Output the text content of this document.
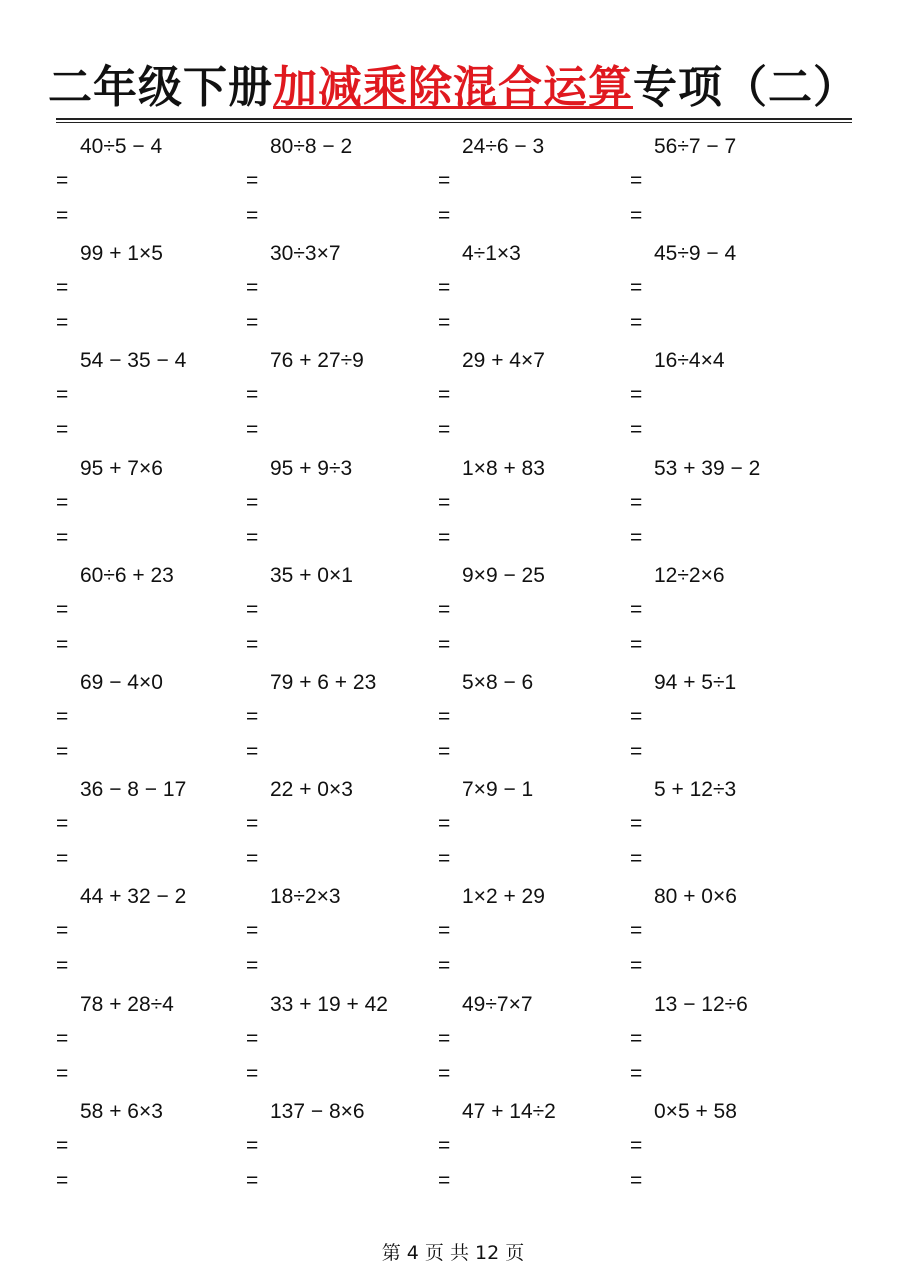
二年级下册加减乘除混合运算专项（二）
40÷5 − 4
=
=
80÷8 − 2
=
=
24÷6 − 3
=
=
56÷7 − 7
=
=
99 + 1×5
=
=
30÷3×7
=
=
4÷1×3
=
=
45÷9 − 4
=
=
54 − 35 − 4
=
=
76 + 27÷9
=
=
29 + 4×7
=
=
16÷4×4
=
=
95 + 7×6
=
=
95 + 9÷3
=
=
1×8 + 83
=
=
53 + 39 − 2
=
=
60÷6 + 23
=
=
35 + 0×1
=
=
9×9 − 25
=
=
12÷2×6
=
=
69 − 4×0
=
=
79 + 6 + 23
=
=
5×8 − 6
=
=
94 + 5÷1
=
=
36 − 8 − 17
=
=
22 + 0×3
=
=
7×9 − 1
=
=
5 + 12÷3
=
=
44 + 32 − 2
=
=
18÷2×3
=
=
1×2 + 29
=
=
80 + 0×6
=
=
78 + 28÷4
=
=
33 + 19 + 42
=
=
49÷7×7
=
=
13 − 12÷6
=
=
58 + 6×3
=
=
137 − 8×6
=
=
47 + 14÷2
=
=
0×5 + 58
=
=
第 4 页 共 12 页
